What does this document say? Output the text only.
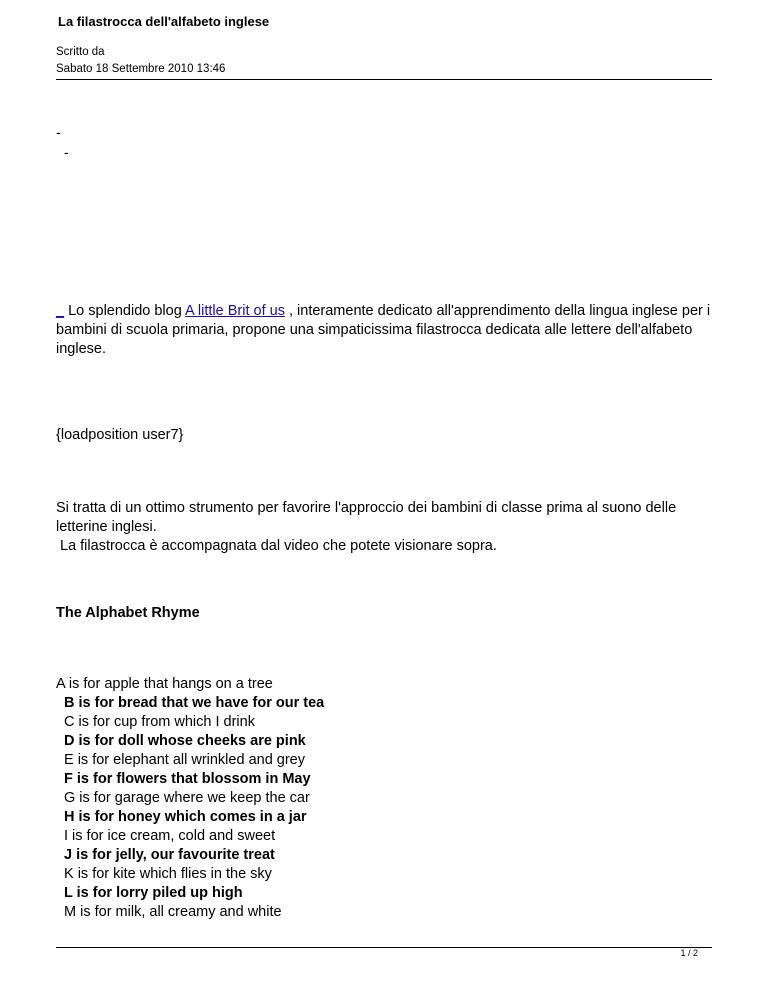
La filastrocca dell'alfabeto inglese
Scritto da
Sabato 18 Settembre 2010 13:46
-
-
_ Lo splendido blog A little Brit of us , interamente dedicato all'apprendimento della lingua inglese per i bambini di scuola primaria, propone una simpaticissima filastrocca dedicata alle lettere dell'alfabeto inglese.
{loadposition user7}
Si tratta di un ottimo strumento per favorire l'approccio dei bambini di classe prima al suono delle letterine inglesi.
La filastrocca è accompagnata dal video che potete visionare sopra.
The Alphabet Rhyme
A is for apple that hangs on a tree
B is for bread that we have for our tea
C is for cup from which I drink
D is for doll whose cheeks are pink
E is for elephant all wrinkled and grey
F is for flowers that blossom in May
G is for garage where we keep the car
H is for honey which comes in a jar
I is for ice cream, cold and sweet
J is for jelly, our favourite treat
K is for kite which flies in the sky
L is for lorry piled up high
M is for milk, all creamy and white
1 / 2
